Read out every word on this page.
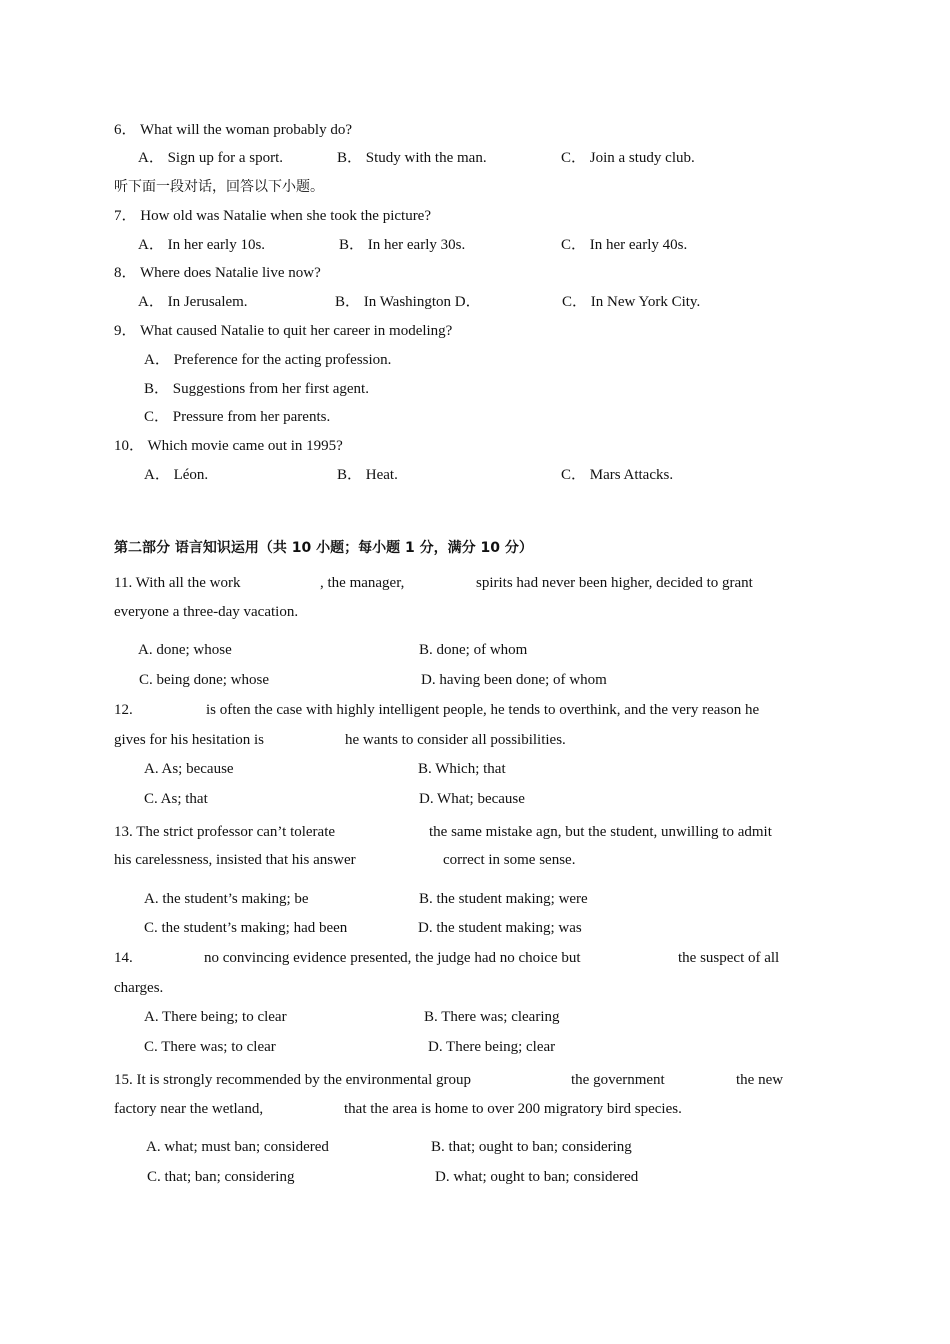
6． What will the woman probably do?
A． Sign up for a sport.	B． Study with the man.	C． Join a study club.
听下面一段对话，回答以下小题。
7． How old was Natalie when she took the picture?
A． In her early 10s.	B． In her early 30s.	C． In her early 40s.
8． Where does Natalie live now?
A． In Jerusalem.	B． In Washington D．	C． In New York City.
9． What caused Natalie to quit her career in modeling?
A． Preference for the acting profession.
B． Suggestions from her first agent.
C． Pressure from her parents.
10． Which movie came out in 1995?
A． Léon.	B． Heat.	C． Mars Attacks.
第二部分 语言知识运用（共 10 小题；每小题 1 分，满分 10 分）
11. With all the work	, the manager,	spirits had never been higher, decided to grant
everyone a three-day vacation.
A. done; whose	B. done; of whom
C. being done; whose	D. having been done; of whom
12.	is often the case with highly intelligent people, he tends to overthink, and the very reason he
gives for his hesitation is	he wants to consider all possibilities.
A. As; because	B. Which; that
C. As; that	D. What; because
13. The strict professor can’t tolerate	the same mistake agn, but the student, unwilling to admit
his carelessness, insisted that his answer	correct in some sense.
A. the student’s making; be	B. the student making; were
C. the student’s making; had been	D. the student making; was
14.	no convincing evidence presented, the judge had no choice but	the suspect of all
charges.
A. There being; to clear	B. There was; clearing
C. There was; to clear	D. There being; clear
15. It is strongly recommended by the environmental group	the government	the new
factory near the wetland,	that the area is home to over 200 migratory bird species.
A. what; must ban; considered	B. that; ought to ban; considering
C. that; ban; considering	D. what; ought to ban; considered
